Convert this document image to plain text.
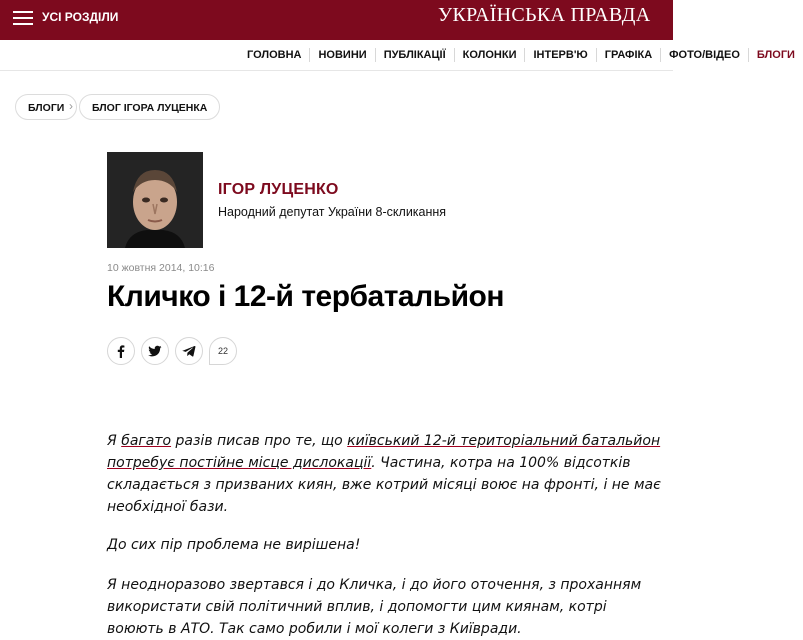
УСІ РОЗДІЛИ	УКРАЇНСЬКА ПРАВДА
ГОЛОВНА	НОВИНИ	ПУБЛІКАЦІЇ	КОЛОНКИ	ІНТЕРВ'Ю	ГРАФІКА	ФОТО/ВІДЕО	БЛОГИ
БЛОГИ ›	БЛОГ ІГОРА ЛУЦЕНКА
ІГОР ЛУЦЕНКО
Народний депутат України 8-скликання
10 жовтня 2014, 10:16
Кличко і 12-й тербатальйон
22

Я багато разів писав про те, що київський 12-й територіальний батальйон потребує постійне місце дислокації. Частина, котра на 100% відсотків складається з призваних киян, вже котрий місяці воює на фронті, і не має необхідної бази.

До сих пір проблема не вирішена!

Я неодноразово звертався і до Кличка, і до його оточення, з проханням використати свій політичний вплив, і допомогти цим киянам, котрі воюють в АТО. Так само робили і мої колеги з Київради.
